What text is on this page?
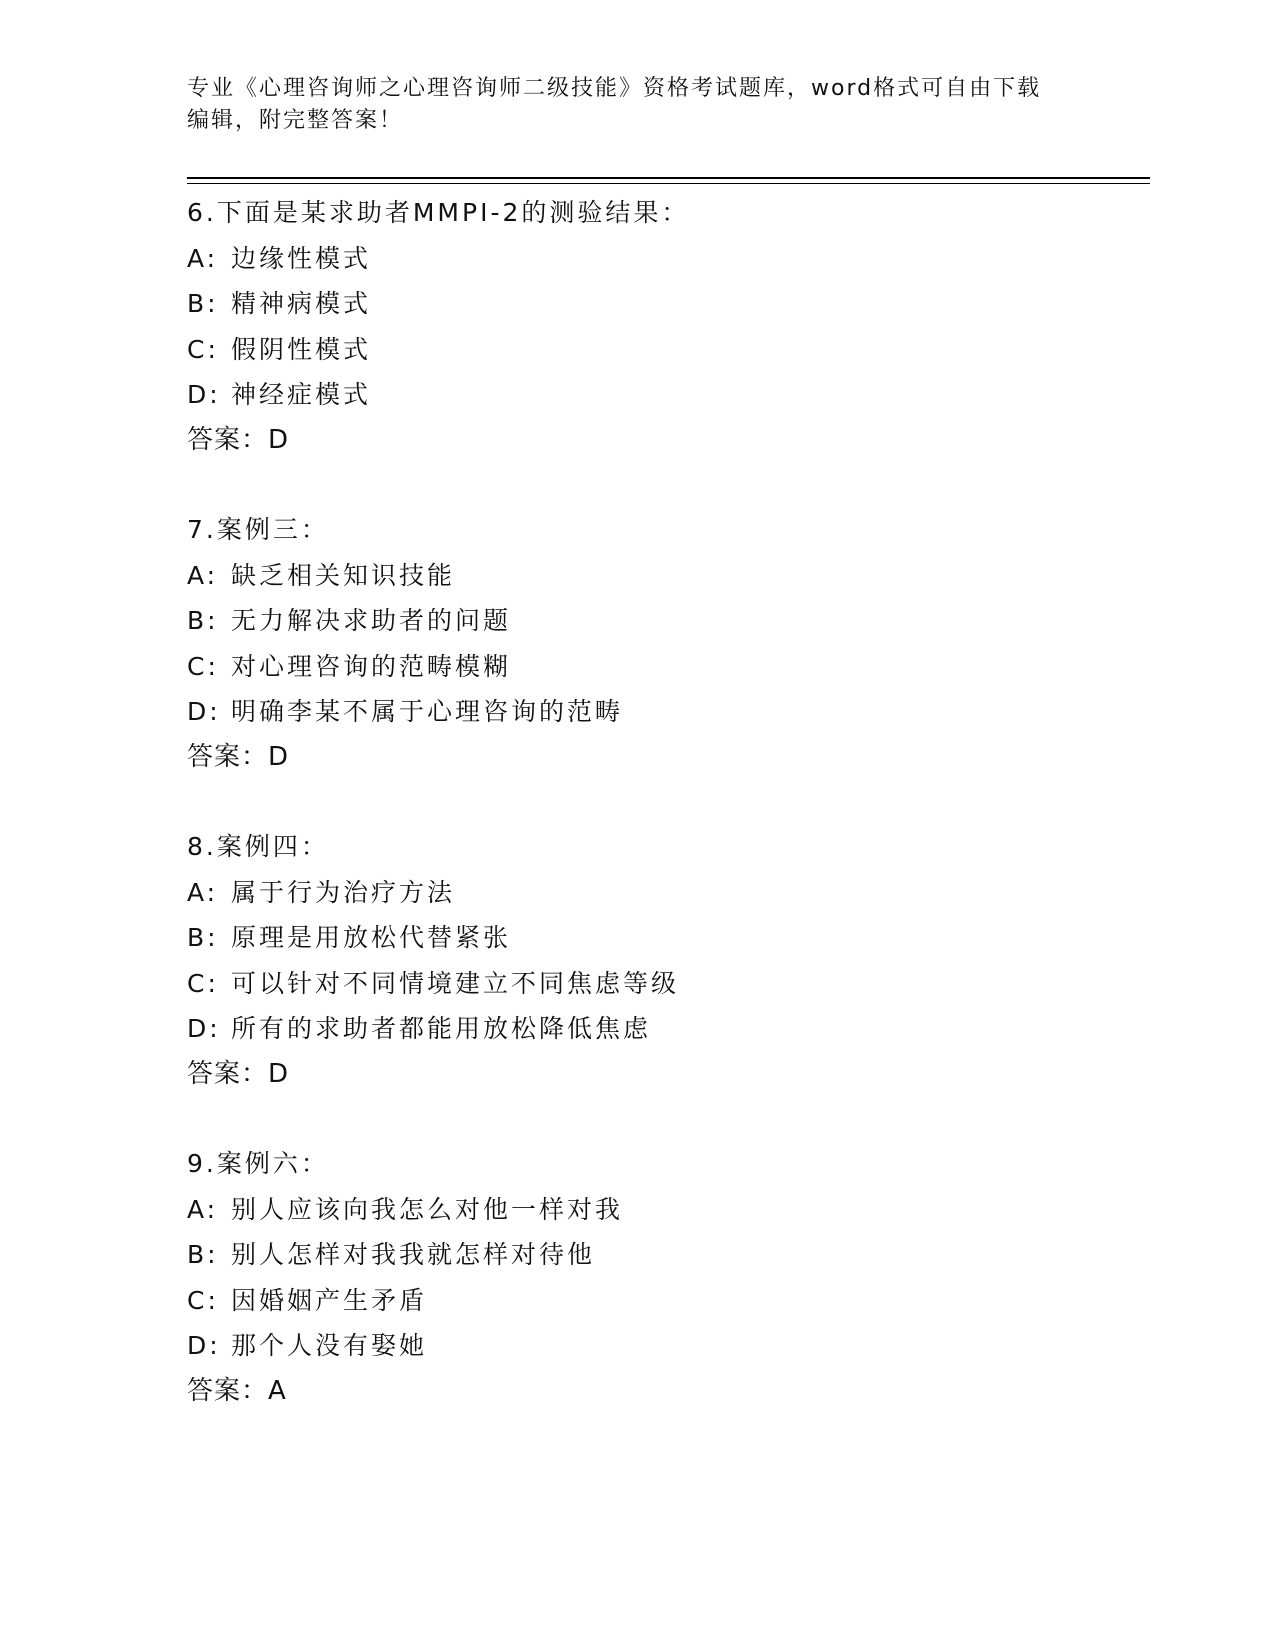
专业《心理咨询师之心理咨询师二级技能》资格考试题库，word格式可自由下载
编辑，附完整答案！
6.下面是某求助者MMPI-2的测验结果：
A: 边缘性模式
B: 精神病模式
C: 假阴性模式
D: 神经症模式
答案：D
7.案例三：
A: 缺乏相关知识技能
B: 无力解决求助者的问题
C: 对心理咨询的范畴模糊
D: 明确李某不属于心理咨询的范畴
答案：D
8.案例四：
A: 属于行为治疗方法
B: 原理是用放松代替紧张
C: 可以针对不同情境建立不同焦虑等级
D: 所有的求助者都能用放松降低焦虑
答案：D
9.案例六：
A: 别人应该向我怎么对他一样对我
B: 别人怎样对我我就怎样对待他
C: 因婚姻产生矛盾
D: 那个人没有娶她
答案：A
